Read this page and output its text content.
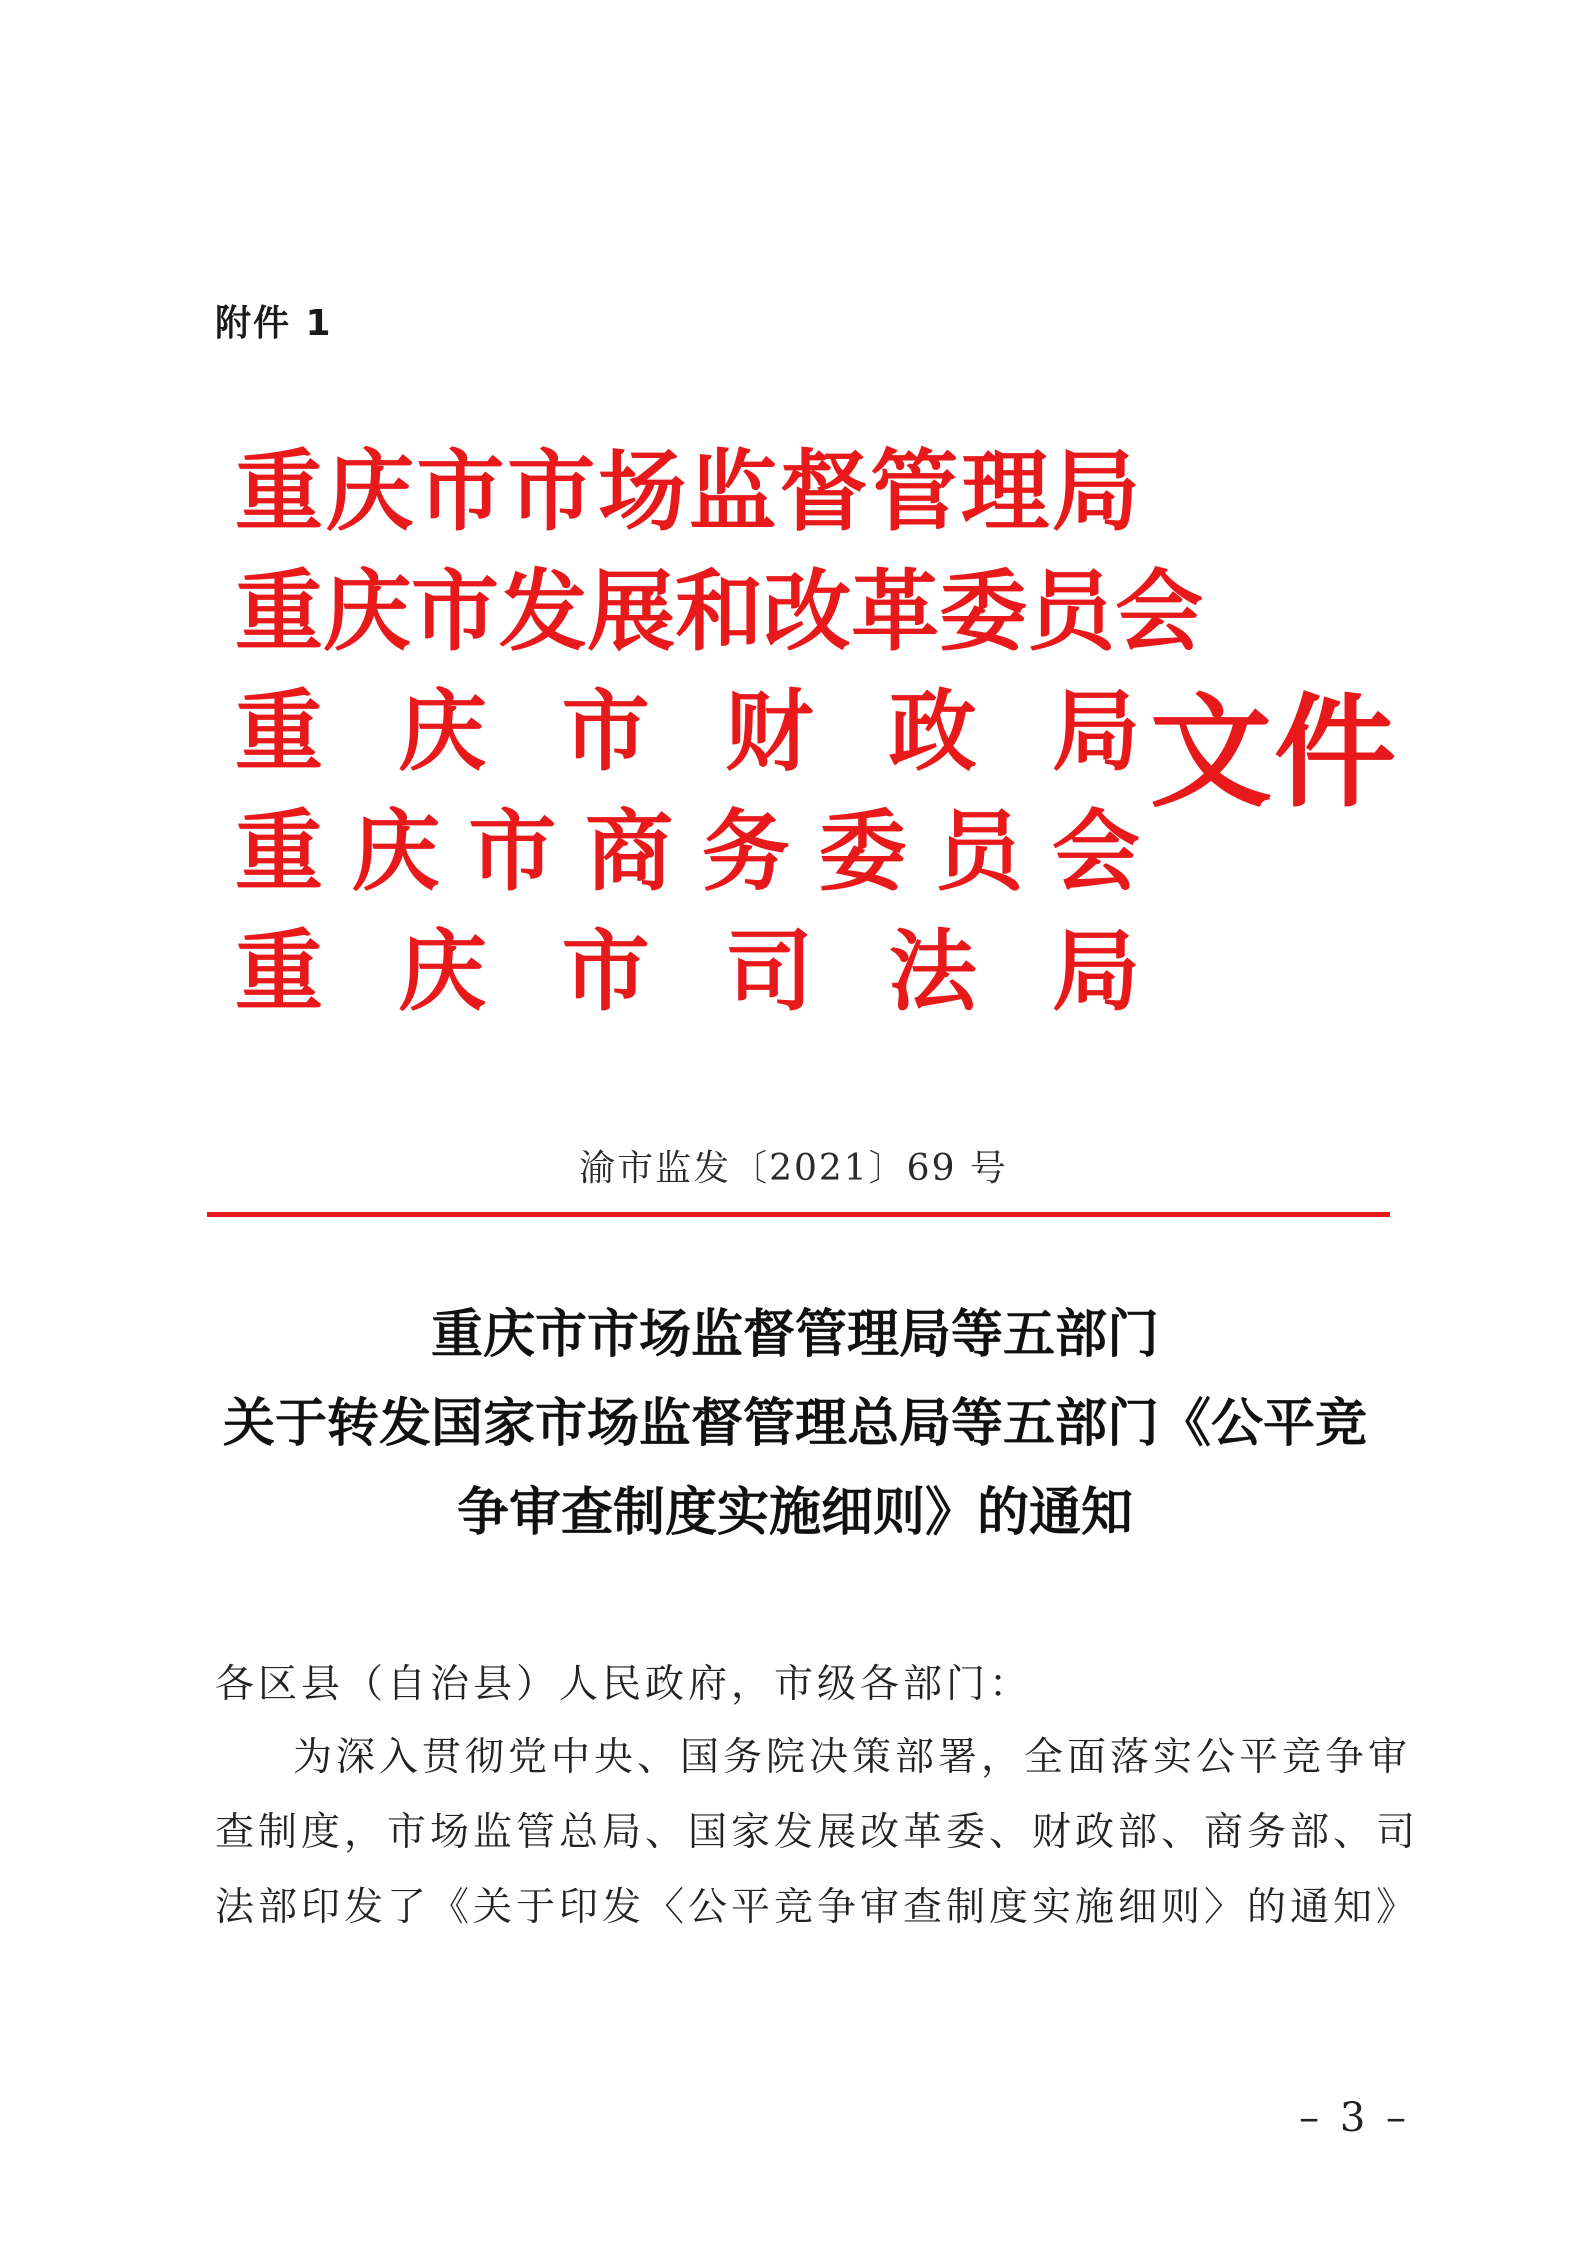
附件 1
重 庆 市 市 场 监 督 管 理 局
重 庆 市 发 展 和 改 革 委 员 会
重 庆 市 财 政 局
重 庆 市 商 务 委 员 会
重 庆 市 司 法 局
文件
渝市监发〔2021〕69 号
重庆市市场监督管理局等五部门
关于转发国家市场监督管理总局等五部门《公平竞
争审查制度实施细则》的通知
各区县（自治县）人民政府，市级各部门：
为深入贯彻党中央、国务院决策部署，全面落实公平竞争审
查制度，市场监管总局、国家发展改革委、财政部、商务部、司
法部印发了《关于印发〈公平竞争审查制度实施细则〉的通知》
– 3 –
